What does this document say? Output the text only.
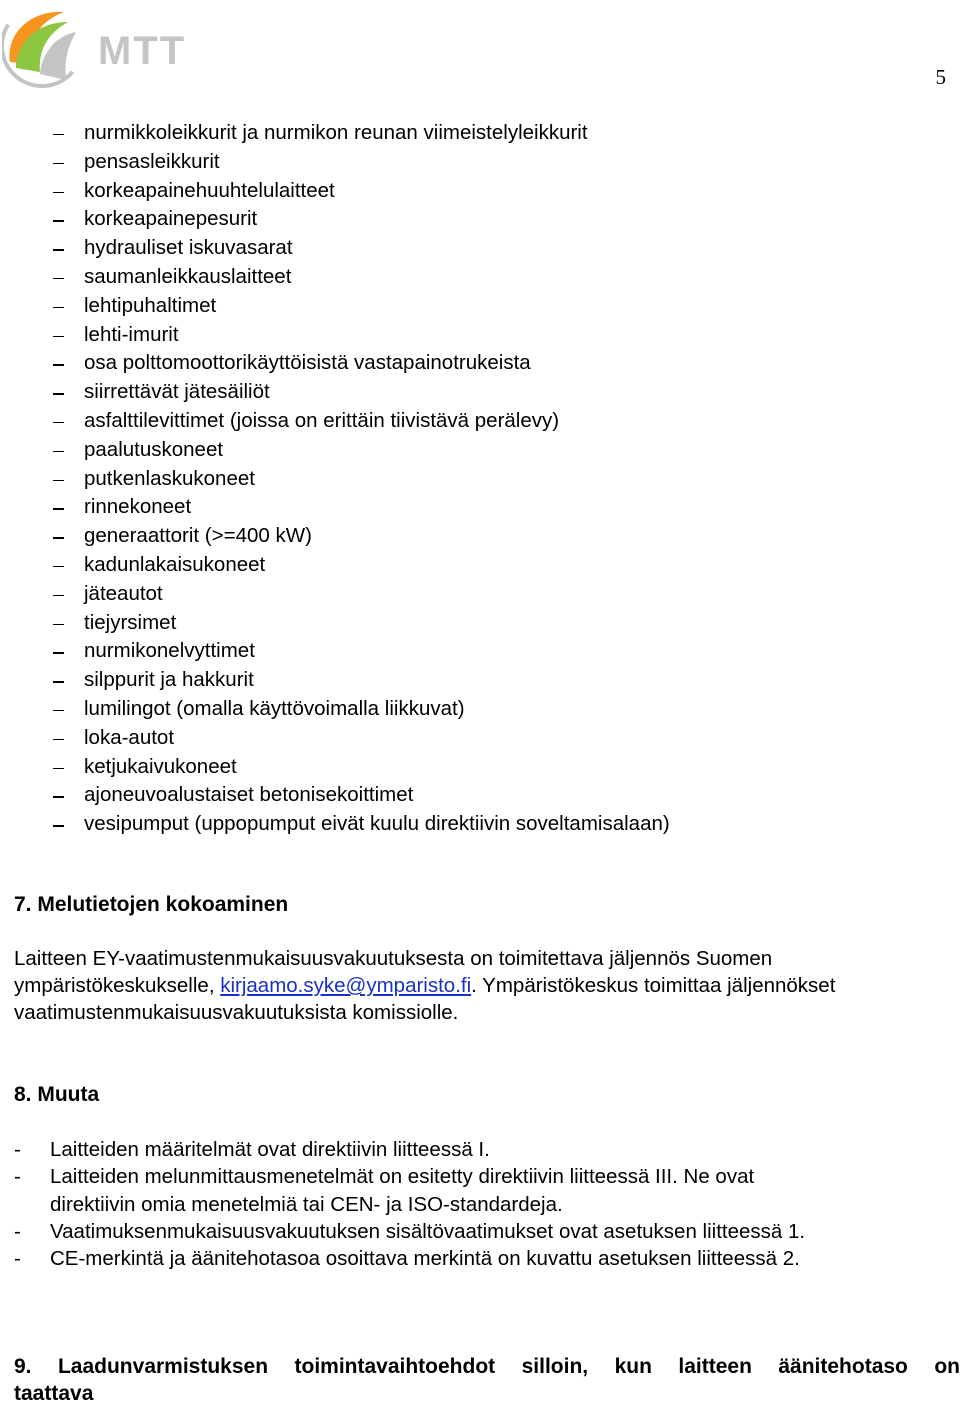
MTT
5
nurmikkoleikkurit ja nurmikon reunan viimeistelyleikkurit
pensasleikkurit
korkeapainehuuhtelulaitteet
korkeapainepesurit
hydrauliset iskuvasarat
saumanleikkauslaitteet
lehtipuhaltimet
lehti-imurit
osa polttomoottorikäyttöisistä vastapainotrukeista
siirrettävät jätesäiliöt
asfalttilevittimet (joissa on erittäin tiivistävä perälevy)
paalutuskoneet
putkenlaskukoneet
rinnekoneet
generaattorit (>=400 kW)
kadunlakaisukoneet
jäteautot
tiejyrsimet
nurmikonelvyttimet
silppurit ja hakkurit
lumilingot (omalla käyttövoimalla liikkuvat)
loka-autot
ketjukaivukoneet
ajoneuvoalustaiset betonisekoittimet
vesipumput (uppopumput eivät kuulu direktiivin soveltamisalaan)
7. Melutietojen kokoaminen

Laitteen EY-vaatimustenmukaisuusvakuutuksesta on toimitettava jäljennös Suomen

ympäristökeskukselle, kirjaamo.syke@ymparisto.fi. Ympäristökeskus toimittaa jäljennökset

vaatimustenmukaisuusvakuutuksista komissiolle.

8. Muuta
- Laitteiden määritelmät ovat direktiivin liitteessä I.
- Laitteiden melunmittausmenetelmät on esitetty direktiivin liitteessä III. Ne ovat
direktiivin omia menetelmiä tai CEN- ja ISO-standardeja.
- Vaatimuksenmukaisuusvakuutuksen sisältövaatimukset ovat asetuksen liitteessä 1.
- CE-merkintä ja äänitehotasoa osoittava merkintä on kuvattu asetuksen liitteessä 2.

9. Laadunvarmistuksen toimintavaihtoehdot silloin, kun laitteen äänitehotaso on

taattava
